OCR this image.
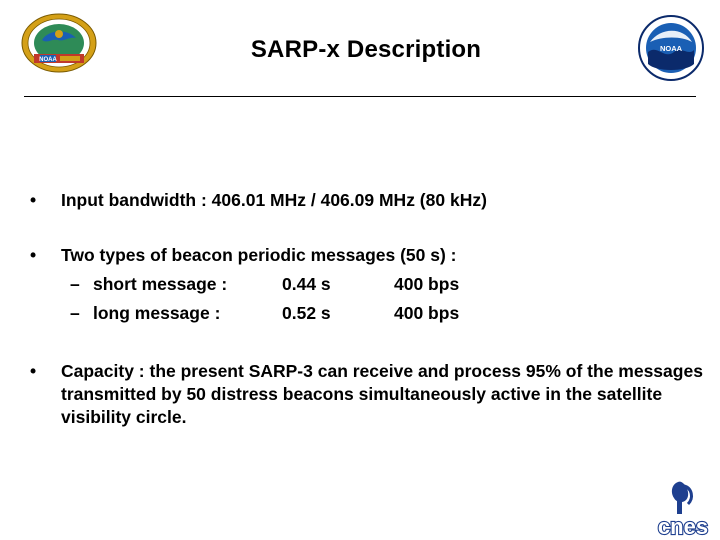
NOAA	SARP-x Description	NOAA
•	Input bandwidth : 406.01 MHz / 406.09 MHz (80 kHz)
•	Two types of beacon periodic messages (50 s) :
– short message :	0.44 s	400 bps
– long message :	0.52 s	400 bps
•	Capacity : the present SARP-3 can receive and process 95% of the messages transmitted by 50 distress beacons simultaneously active in the satellite visibility circle.
cnes
